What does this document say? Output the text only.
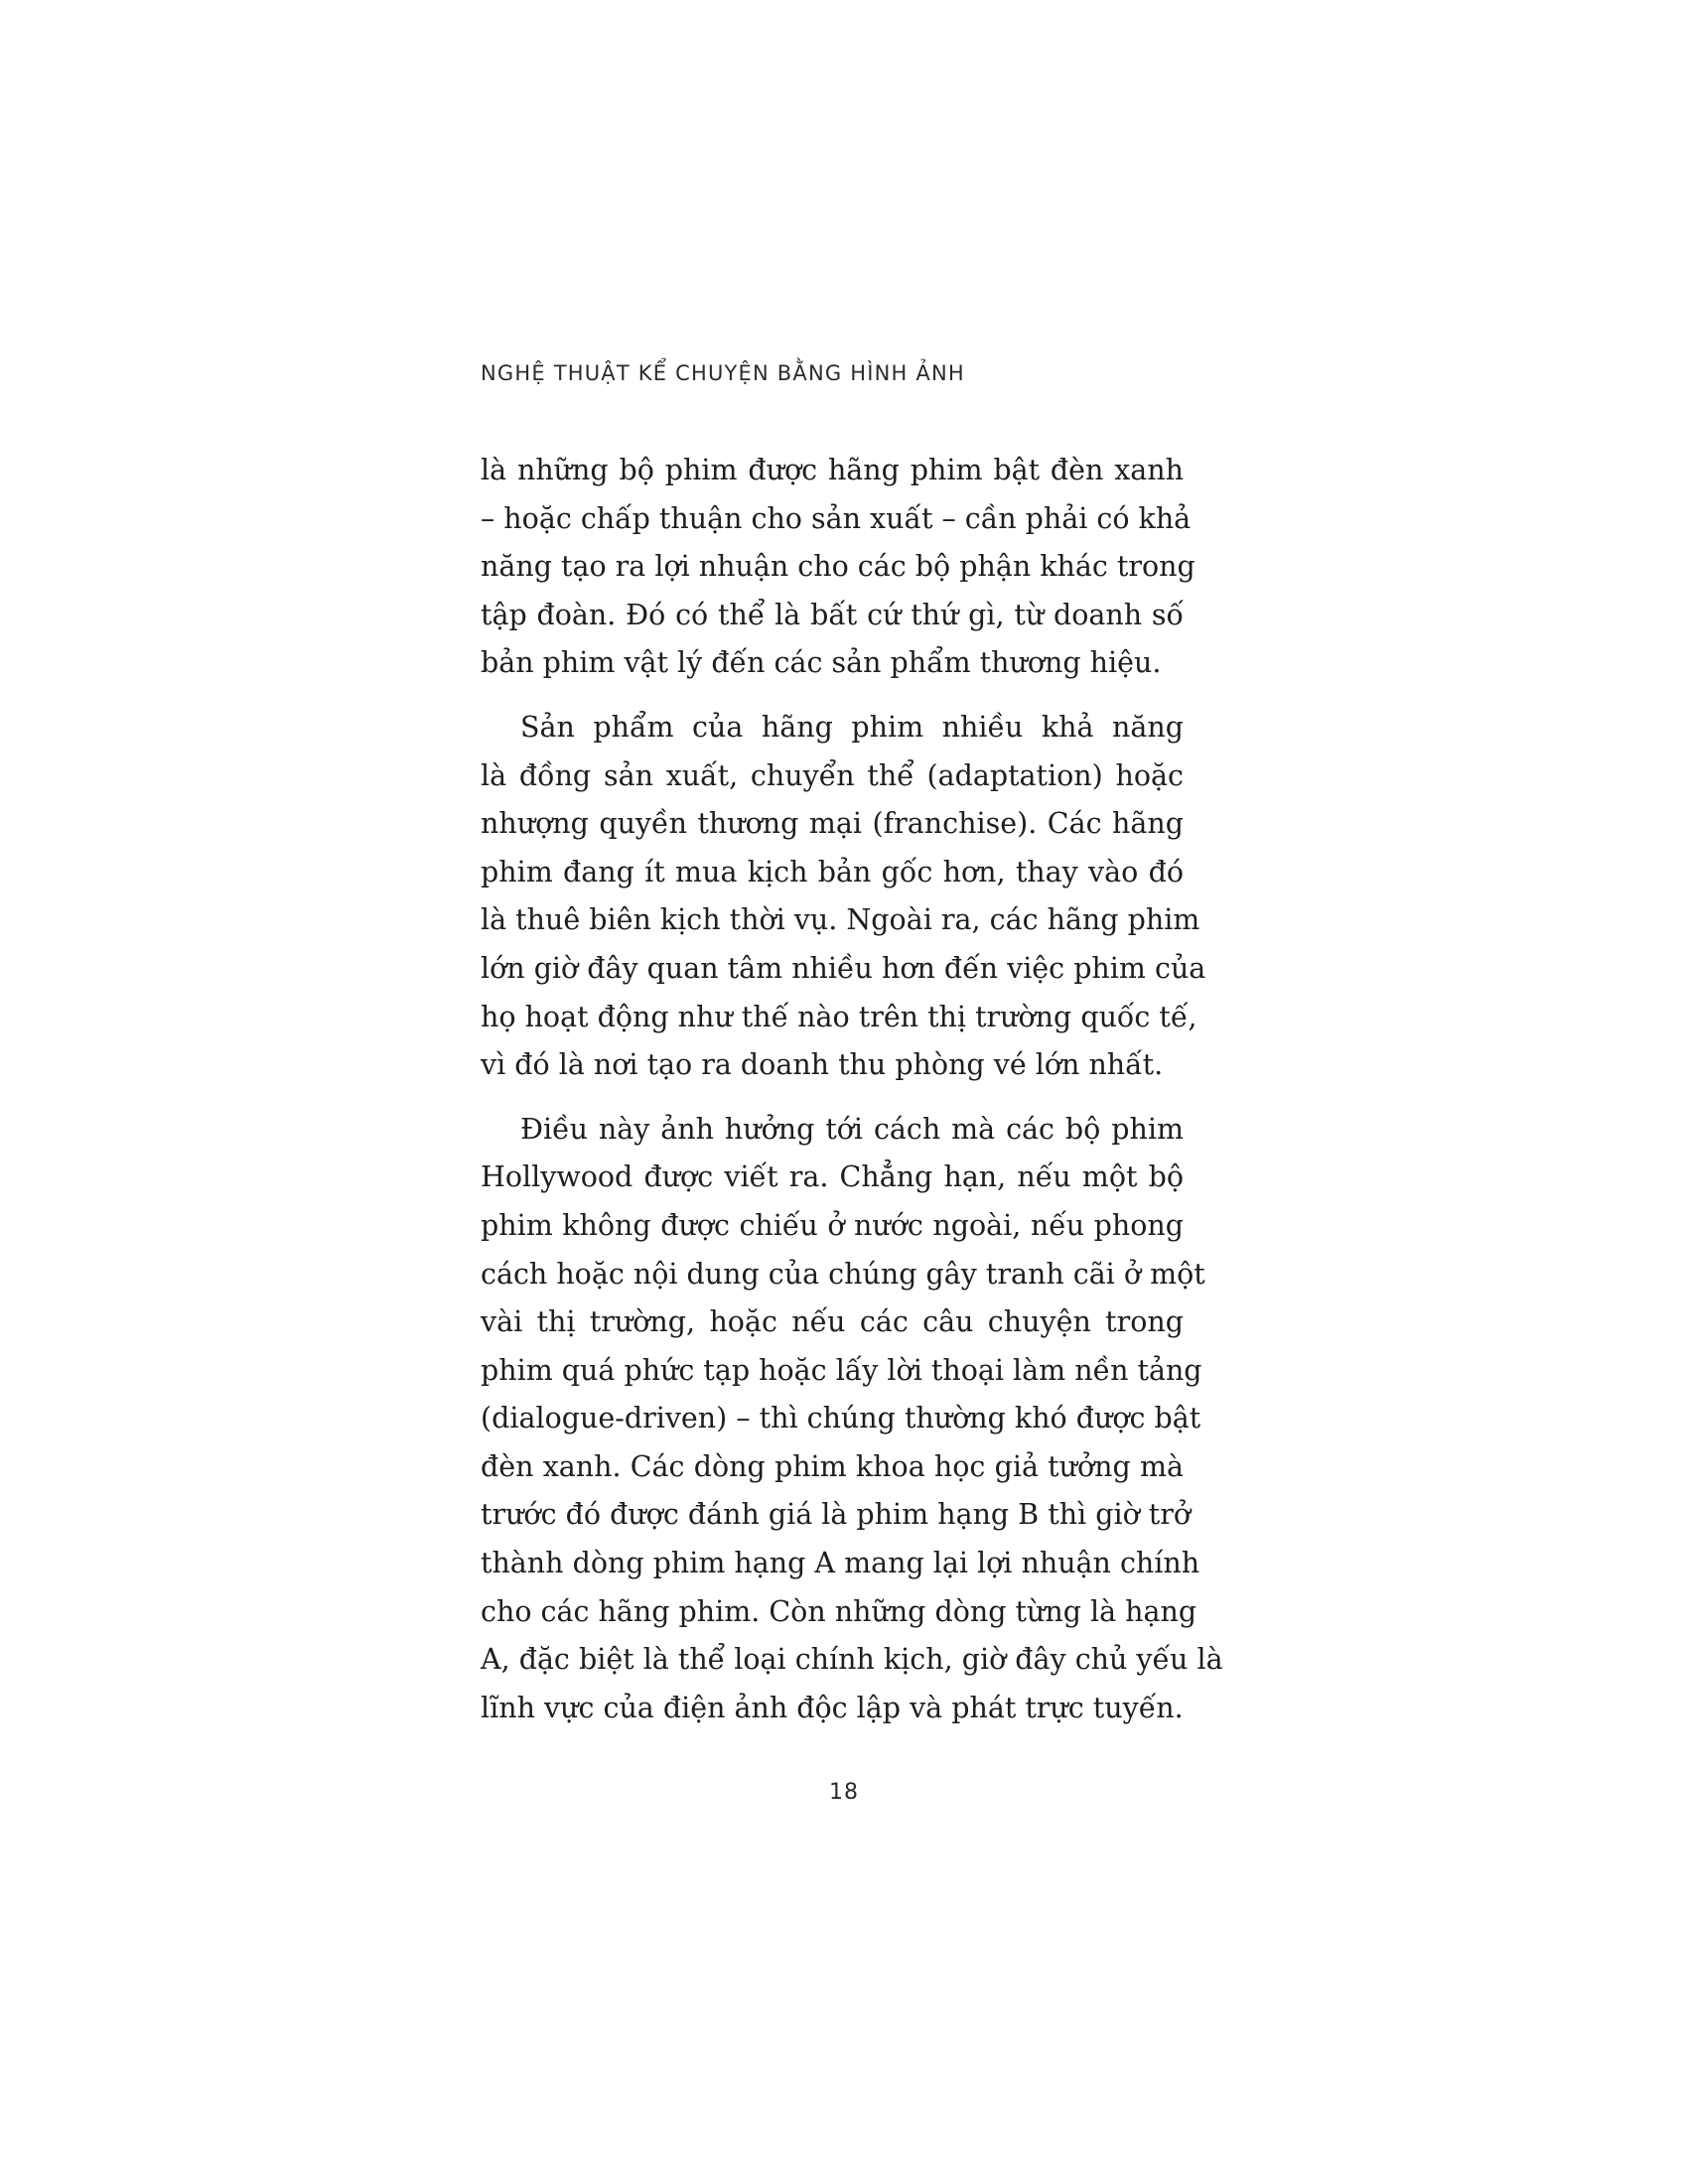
NGHỆ THUẬT KỂ CHUYỆN BẰNG HÌNH ẢNH

là những bộ phim được hãng phim bật đèn xanh
– hoặc chấp thuận cho sản xuất – cần phải có khả
năng tạo ra lợi nhuận cho các bộ phận khác trong
tập đoàn. Đó có thể là bất cứ thứ gì, từ doanh số
bản phim vật lý đến các sản phẩm thương hiệu.

Sản phẩm của hãng phim nhiều khả năng
là đồng sản xuất, chuyển thể (adaptation) hoặc
nhượng quyền thương mại (franchise). Các hãng
phim đang ít mua kịch bản gốc hơn, thay vào đó
là thuê biên kịch thời vụ. Ngoài ra, các hãng phim
lớn giờ đây quan tâm nhiều hơn đến việc phim của
họ hoạt động như thế nào trên thị trường quốc tế,
vì đó là nơi tạo ra doanh thu phòng vé lớn nhất.

Điều này ảnh hưởng tới cách mà các bộ phim
Hollywood được viết ra. Chẳng hạn, nếu một bộ
phim không được chiếu ở nước ngoài, nếu phong
cách hoặc nội dung của chúng gây tranh cãi ở một
vài thị trường, hoặc nếu các câu chuyện trong
phim quá phức tạp hoặc lấy lời thoại làm nền tảng
(dialogue-driven) – thì chúng thường khó được bật
đèn xanh. Các dòng phim khoa học giả tưởng mà
trước đó được đánh giá là phim hạng B thì giờ trở
thành dòng phim hạng A mang lại lợi nhuận chính
cho các hãng phim. Còn những dòng từng là hạng
A, đặc biệt là thể loại chính kịch, giờ đây chủ yếu là
lĩnh vực của điện ảnh độc lập và phát trực tuyến.

18
